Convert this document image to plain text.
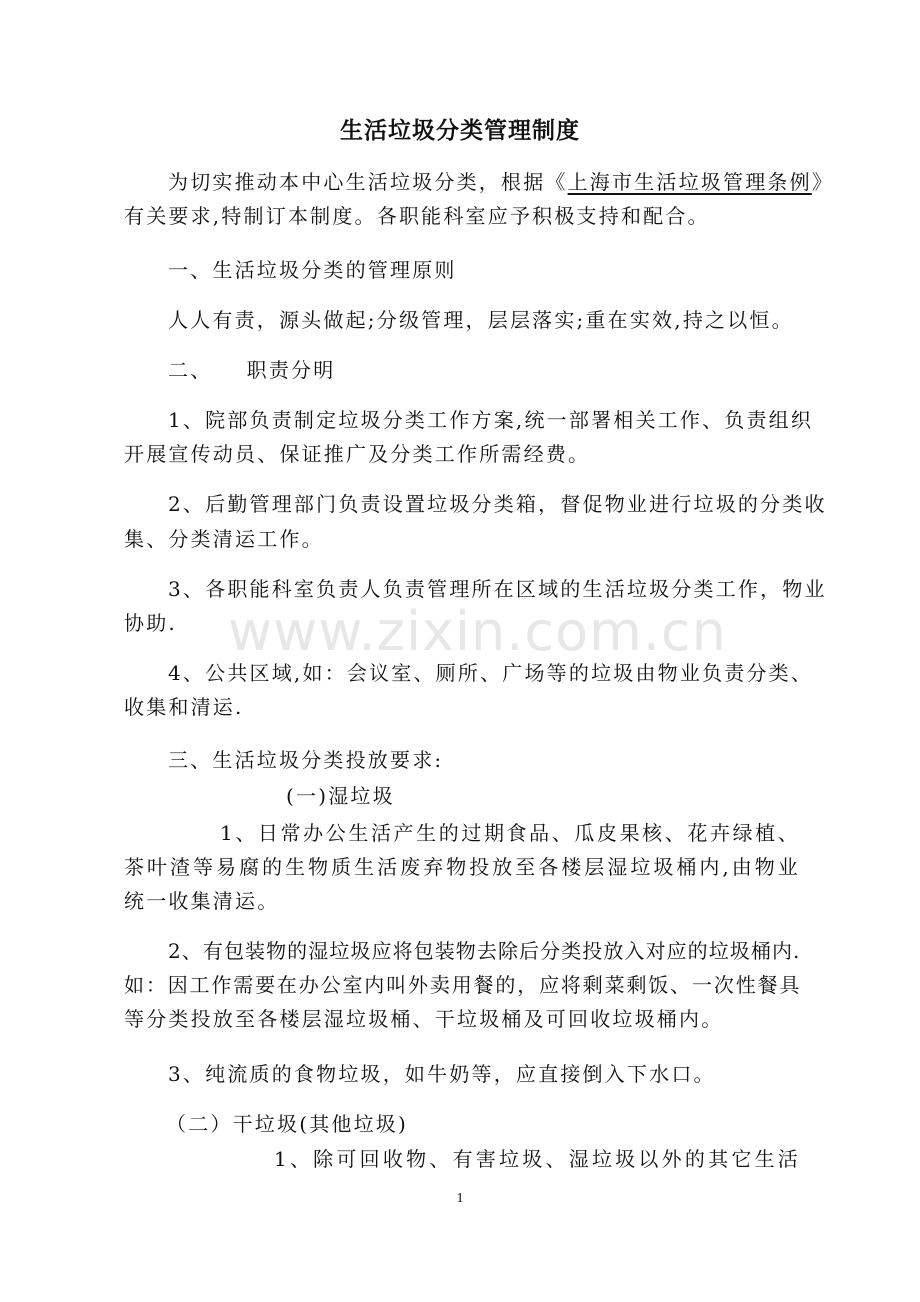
生活垃圾分类管理制度
为切实推动本中心生活垃圾分类，根据《上海市生活垃圾管理条例》
有关要求,特制订本制度。各职能科室应予积极支持和配合。
一、生活垃圾分类的管理原则
人人有责，源头做起;分级管理，层层落实;重在实效,持之以恒。
二、    职责分明
1、院部负责制定垃圾分类工作方案,统一部署相关工作、负责组织
开展宣传动员、保证推广及分类工作所需经费。
2、后勤管理部门负责设置垃圾分类箱，督促物业进行垃圾的分类收
集、分类清运工作。
3、各职能科室负责人负责管理所在区域的生活垃圾分类工作，物业
协助.
4、公共区域,如：会议室、厕所、广场等的垃圾由物业负责分类、
收集和清运.
三、生活垃圾分类投放要求:
(一)湿垃圾
1、日常办公生活产生的过期食品、瓜皮果核、花卉绿植、
茶叶渣等易腐的生物质生活废弃物投放至各楼层湿垃圾桶内,由物业
统一收集清运。
2、有包装物的湿垃圾应将包装物去除后分类投放入对应的垃圾桶内.
如：因工作需要在办公室内叫外卖用餐的，应将剩菜剩饭、一次性餐具
等分类投放至各楼层湿垃圾桶、干垃圾桶及可回收垃圾桶内。
3、纯流质的食物垃圾，如牛奶等，应直接倒入下水口。
（二）干垃圾(其他垃圾)
1、除可回收物、有害垃圾、湿垃圾以外的其它生活
www.zixin.com.cn
1
